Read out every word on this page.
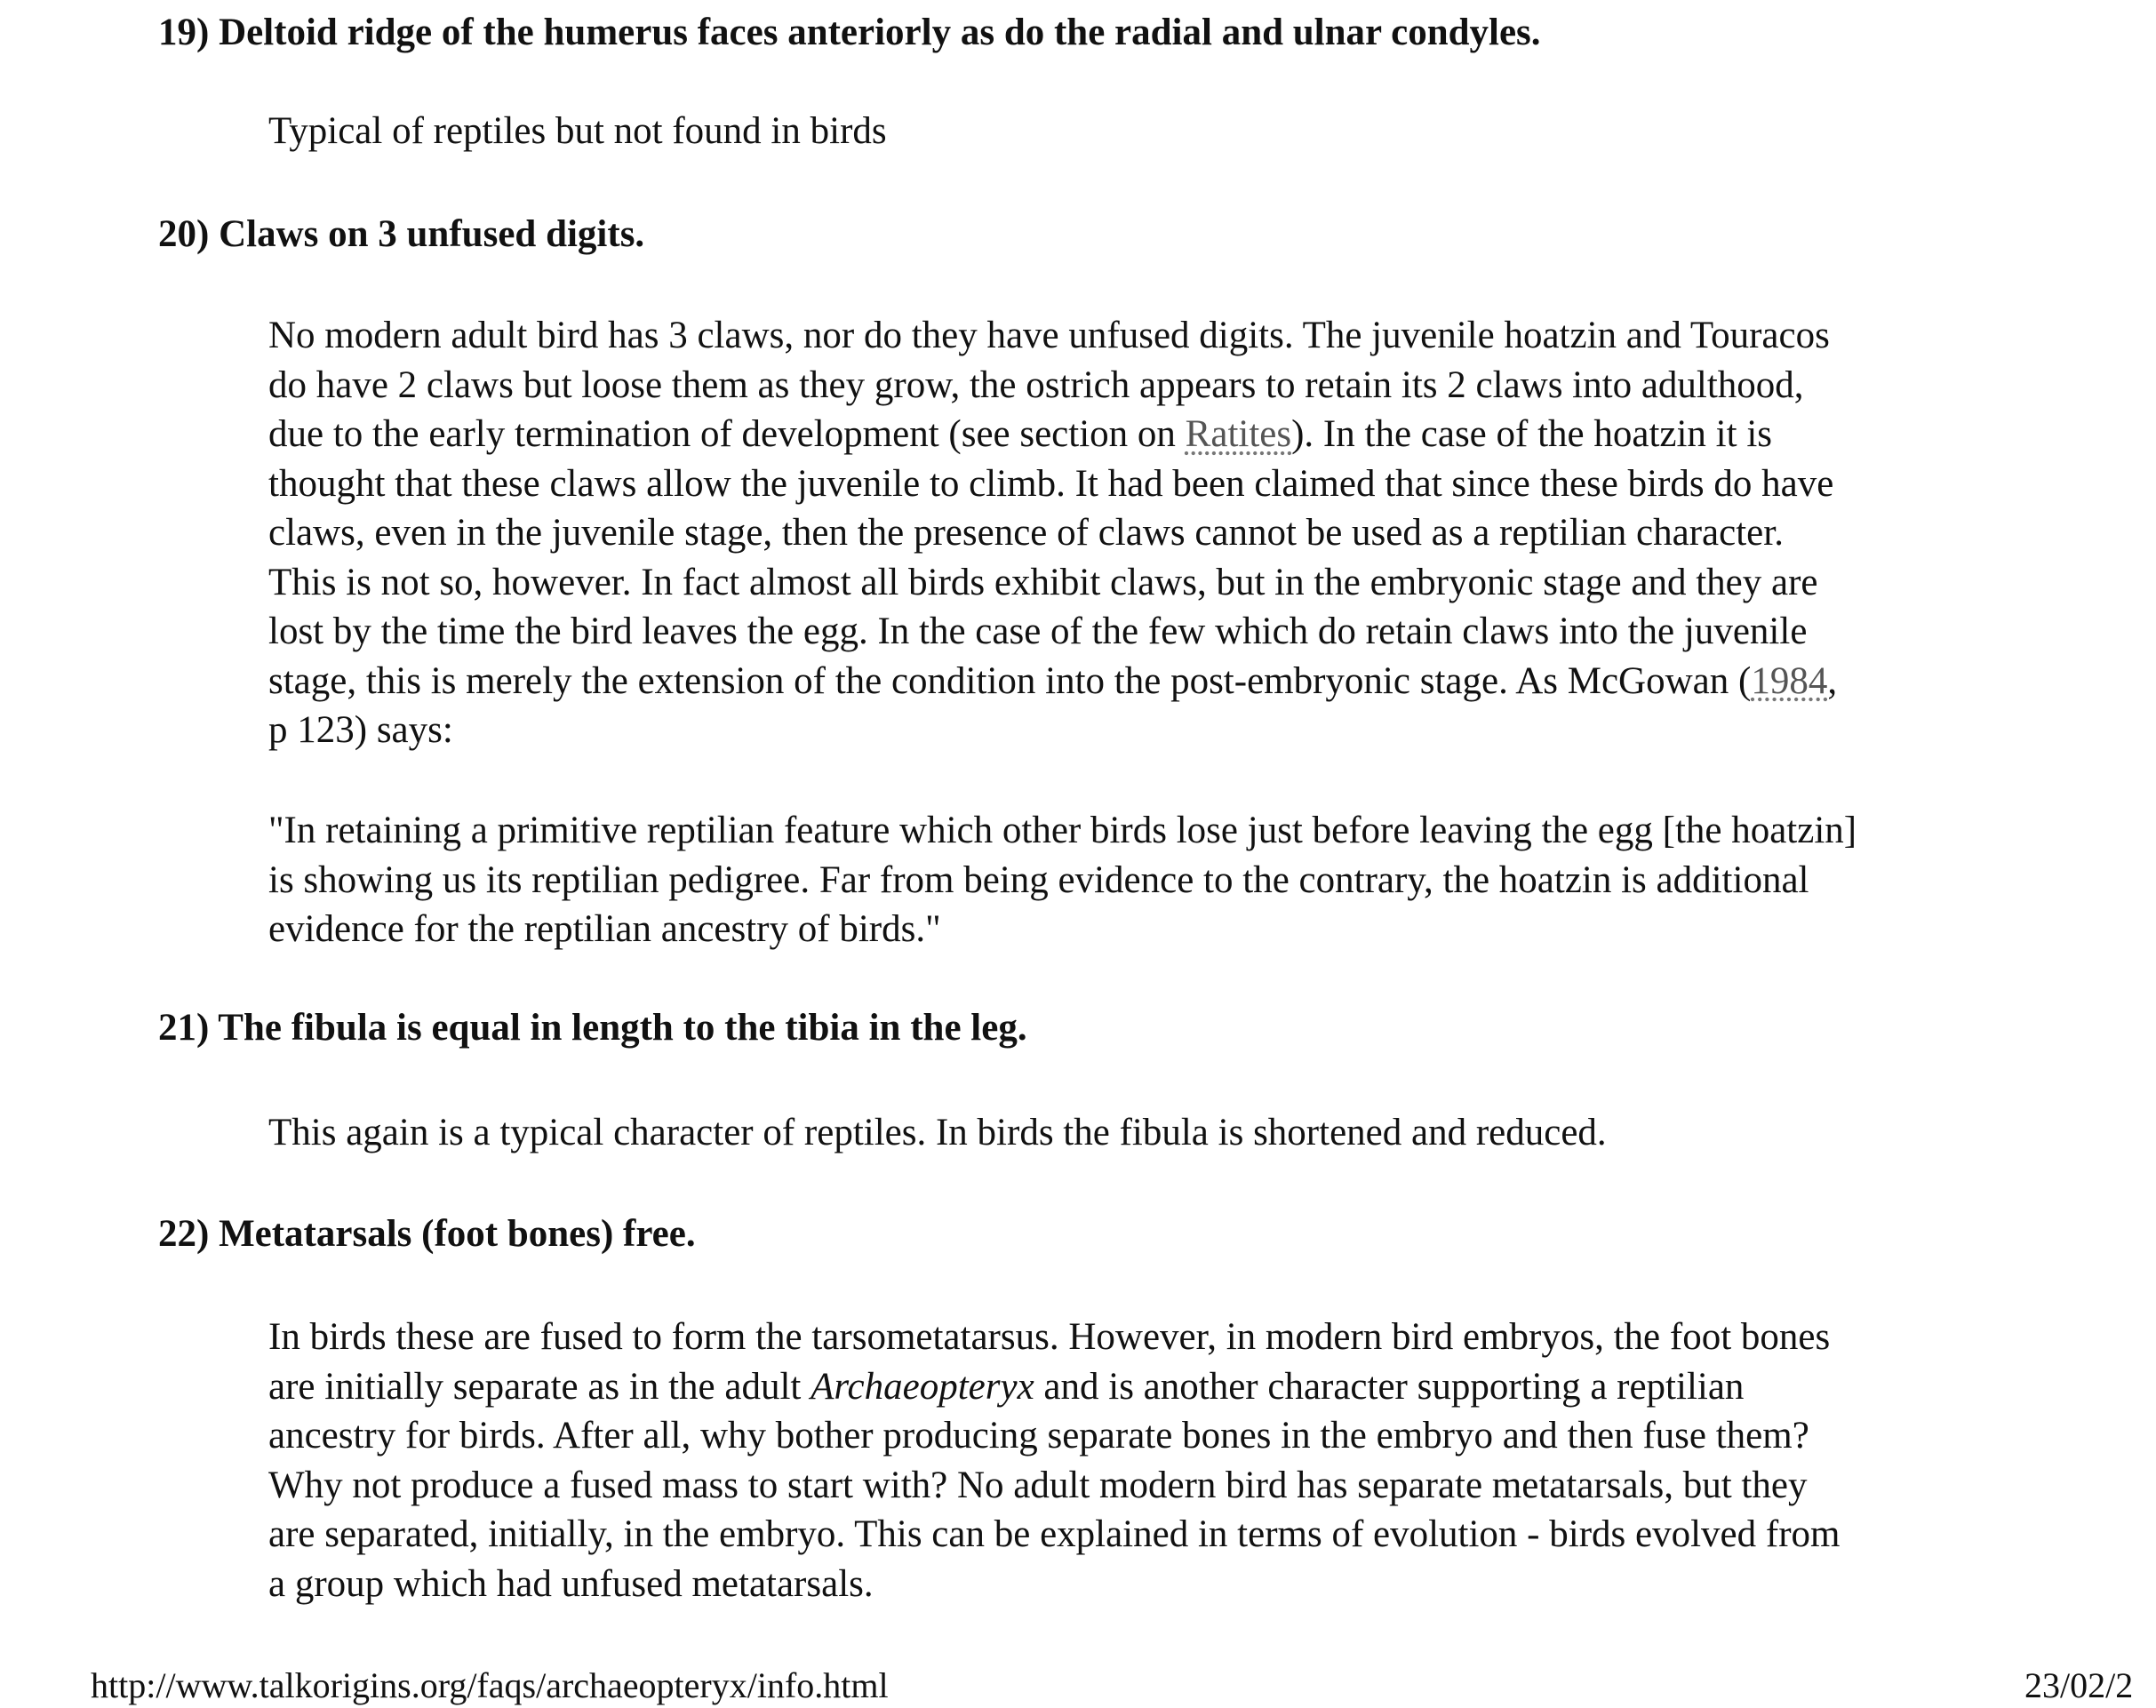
19) Deltoid ridge of the humerus faces anteriorly as do the radial and ulnar condyles.
Typical of reptiles but not found in birds
20) Claws on 3 unfused digits.
No modern adult bird has 3 claws, nor do they have unfused digits. The juvenile hoatzin and Touracos
do have 2 claws but loose them as they grow, the ostrich appears to retain its 2 claws into adulthood,
due to the early termination of development (see section on Ratites). In the case of the hoatzin it is
thought that these claws allow the juvenile to climb. It had been claimed that since these birds do have
claws, even in the juvenile stage, then the presence of claws cannot be used as a reptilian character.
This is not so, however. In fact almost all birds exhibit claws, but in the embryonic stage and they are
lost by the time the bird leaves the egg. In the case of the few which do retain claws into the juvenile
stage, this is merely the extension of the condition into the post-embryonic stage. As McGowan (1984,
p 123) says:
"In retaining a primitive reptilian feature which other birds lose just before leaving the egg [the hoatzin]
is showing us its reptilian pedigree. Far from being evidence to the contrary, the hoatzin is additional
evidence for the reptilian ancestry of birds."
21) The fibula is equal in length to the tibia in the leg.
This again is a typical character of reptiles. In birds the fibula is shortened and reduced.
22) Metatarsals (foot bones) free.
In birds these are fused to form the tarsometatarsus. However, in modern bird embryos, the foot bones
are initially separate as in the adult Archaeopteryx and is another character supporting a reptilian
ancestry for birds. After all, why bother producing separate bones in the embryo and then fuse them?
Why not produce a fused mass to start with? No adult modern bird has separate metatarsals, but they
are separated, initially, in the embryo. This can be explained in terms of evolution - birds evolved from
a group which had unfused metatarsals.
http://www.talkorigins.org/faqs/archaeopteryx/info.html	23/02/2
